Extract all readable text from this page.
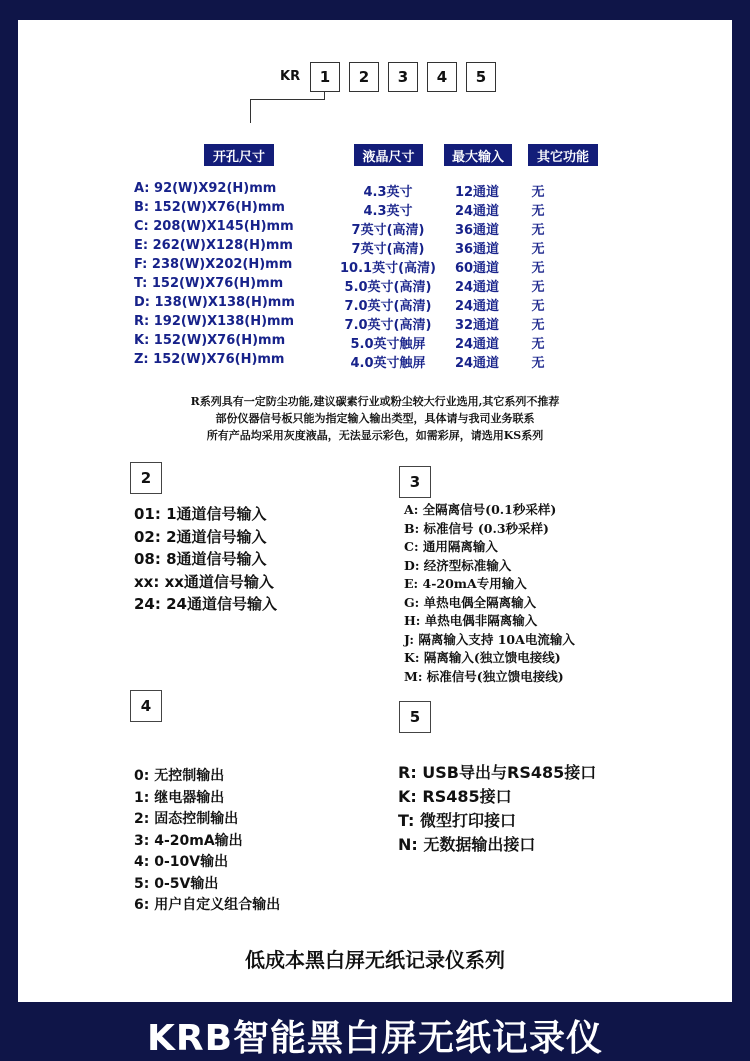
KR	1	2	3	4	5
开孔尺寸	液晶尺寸	最大输入	其它功能
A: 92(W)X92(H)mm	4.3英寸	12通道	无
B: 152(W)X76(H)mm	4.3英寸	24通道	无
C: 208(W)X145(H)mm	7英寸(高清)	36通道	无
E: 262(W)X128(H)mm	7英寸(高清)	36通道	无
F: 238(W)X202(H)mm	10.1英寸(高清)	60通道	无
T: 152(W)X76(H)mm	5.0英寸(高清)	24通道	无
D: 138(W)X138(H)mm	7.0英寸(高清)	24通道	无
R: 192(W)X138(H)mm	7.0英寸(高清)	32通道	无
K: 152(W)X76(H)mm	5.0英寸触屏	24通道	无
Z: 152(W)X76(H)mm	4.0英寸触屏	24通道	无
R系列具有一定防尘功能,建议碳素行业或粉尘较大行业选用,其它系列不推荐
部份仪器信号板只能为指定输入输出类型，具体请与我司业务联系
所有产品均采用灰度液晶，无法显示彩色，如需彩屏，请选用KS系列
2
01: 1通道信号输入
02: 2通道信号输入
08: 8通道信号输入
xx: xx通道信号输入
24: 24通道信号输入
3
A: 全隔离信号(0.1秒采样)
B: 标准信号 (0.3秒采样)
C: 通用隔离输入
D: 经济型标准输入
E: 4-20mA专用输入
G: 单热电偶全隔离输入
H: 单热电偶非隔离输入
J: 隔离输入支持 10A电流输入
K: 隔离输入(独立馈电接线)
M: 标准信号(独立馈电接线)
4
0: 无控制输出
1: 继电器输出
2: 固态控制输出
3: 4-20mA输出
4: 0-10V输出
5: 0-5V输出
6: 用户自定义组合输出
5
R: USB导出与RS485接口
K: RS485接口
T: 微型打印接口
N: 无数据输出接口
低成本黑白屏无纸记录仪系列
KRB智能黑白屏无纸记录仪
